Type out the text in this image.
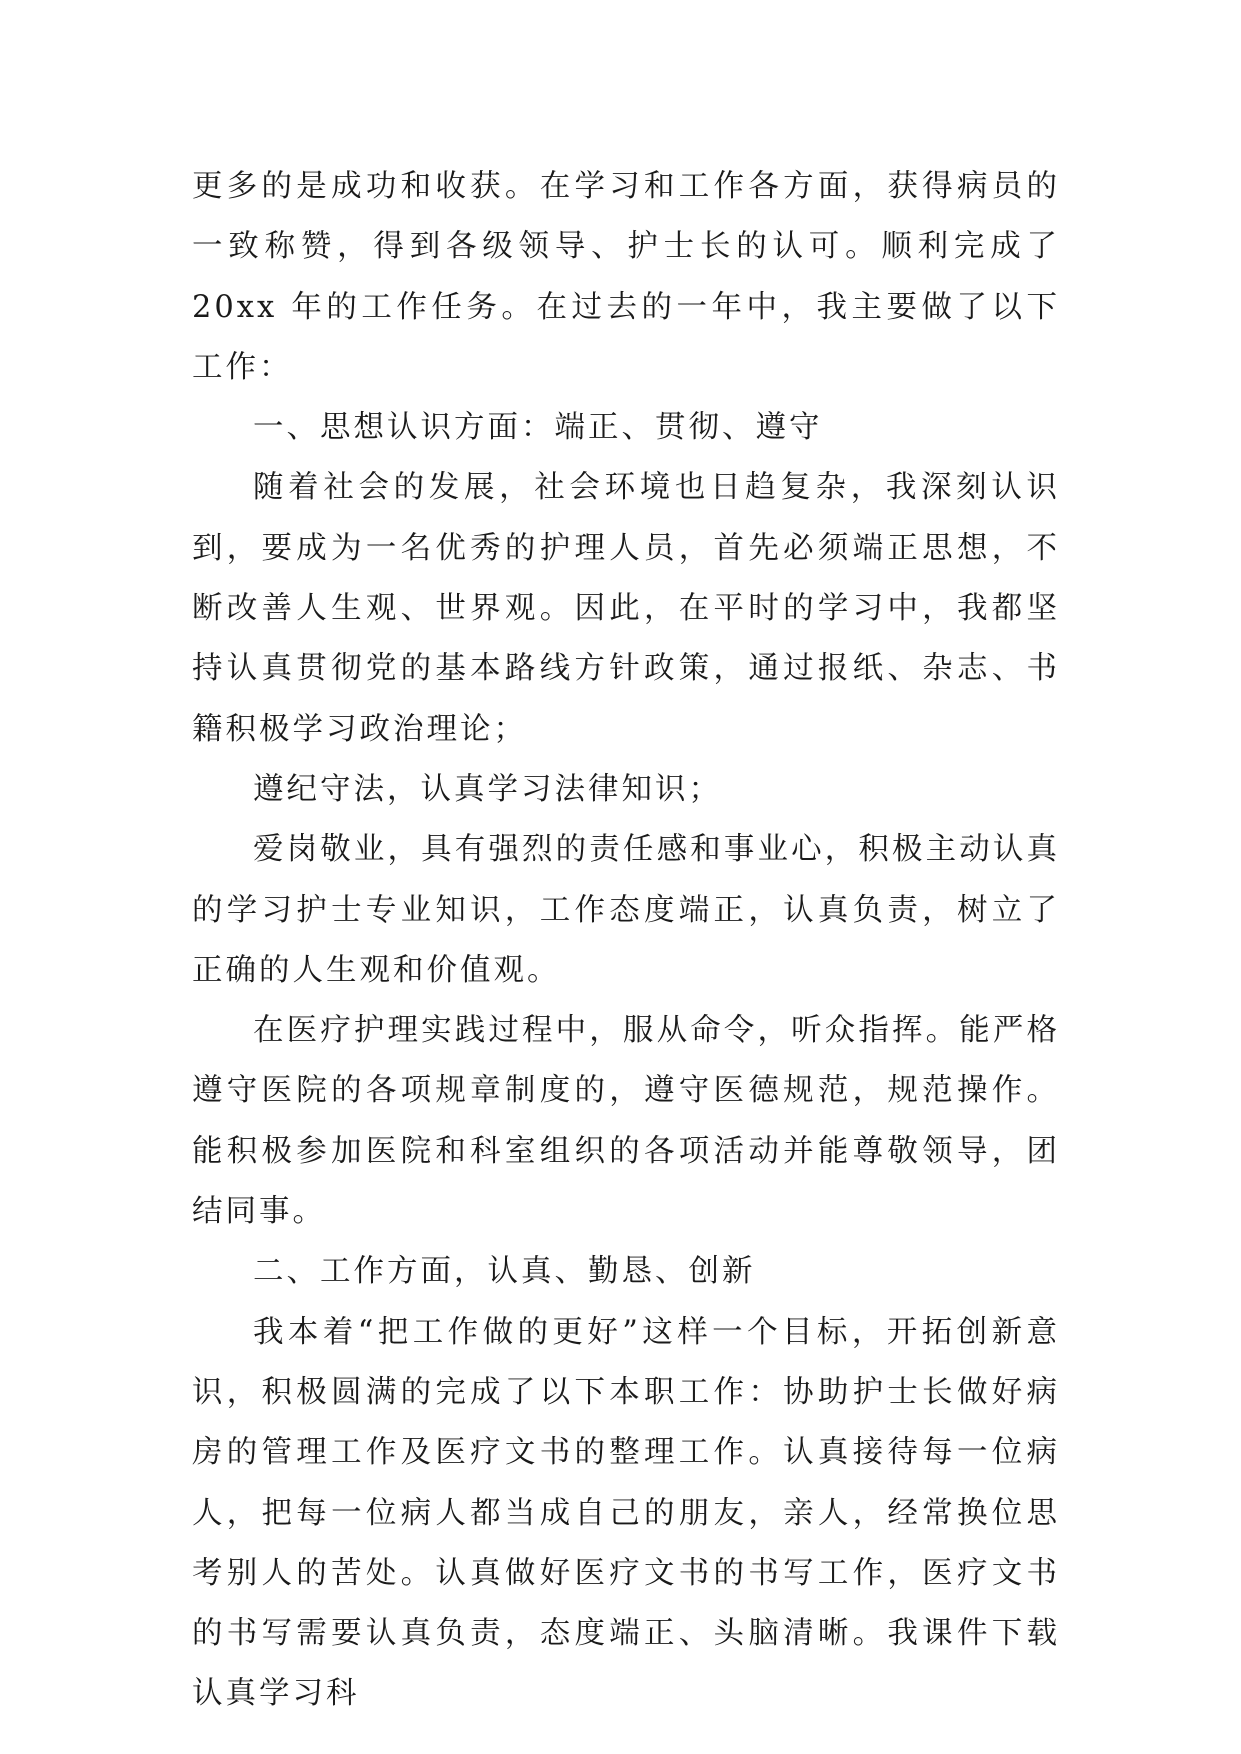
更多的是成功和收获。在学习和工作各方面，获得病员的一致称赞，得到各级领导、护士长的认可。顺利完成了 20xx 年的工作任务。在过去的一年中，我主要做了以下工作：

一、思想认识方面：端正、贯彻、遵守

随着社会的发展，社会环境也日趋复杂，我深刻认识到，要成为一名优秀的护理人员，首先必须端正思想，不断改善人生观、世界观。因此，在平时的学习中，我都坚持认真贯彻党的基本路线方针政策，通过报纸、杂志、书籍积极学习政治理论；

遵纪守法，认真学习法律知识；

爱岗敬业，具有强烈的责任感和事业心，积极主动认真的学习护士专业知识，工作态度端正，认真负责，树立了正确的人生观和价值观。

在医疗护理实践过程中，服从命令，听众指挥。能严格遵守医院的各项规章制度的，遵守医德规范，规范操作。能积极参加医院和科室组织的各项活动并能尊敬领导，团结同事。

二、工作方面，认真、勤恳、创新

我本着“把工作做的更好”这样一个目标，开拓创新意识，积极圆满的完成了以下本职工作：协助护士长做好病房的管理工作及医疗文书的整理工作。认真接待每一位病人，把每一位病人都当成自己的朋友，亲人，经常换位思考别人的苦处。认真做好医疗文书的书写工作，医疗文书的书写需要认真负责，态度端正、头脑清晰。我课件下载认真学习科
